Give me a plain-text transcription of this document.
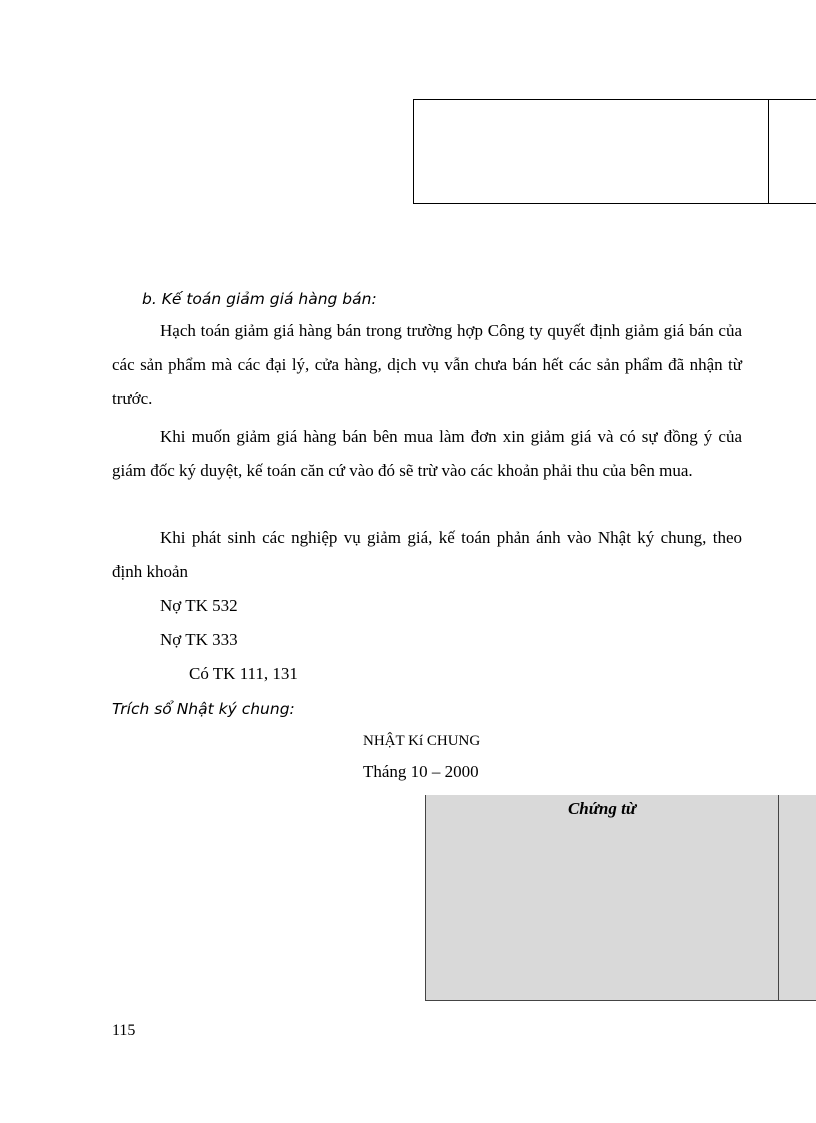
b. Kế toán giảm giá hàng bán:

Hạch toán giảm giá hàng bán trong trường hợp Công ty quyết định giảm giá bán của các sản phẩm mà các đại lý, cửa hàng, dịch vụ vẫn chưa bán hết các sản phẩm đã nhận từ trước.

Khi muốn giảm giá hàng bán bên mua làm đơn xin giảm giá và có sự đồng ý của giám đốc ký duyệt, kế toán căn cứ vào đó sẽ trừ vào các khoản phải thu của bên mua.

Khi phát sinh các nghiệp vụ giảm giá, kế toán phản ánh vào Nhật ký chung, theo định khoản

Nợ TK 532
Nợ TK 333
Có TK 111, 131
Trích sổ Nhật ký chung:
NHẬT Kí CHUNG
Tháng 10 – 2000
Chứng từ
115
